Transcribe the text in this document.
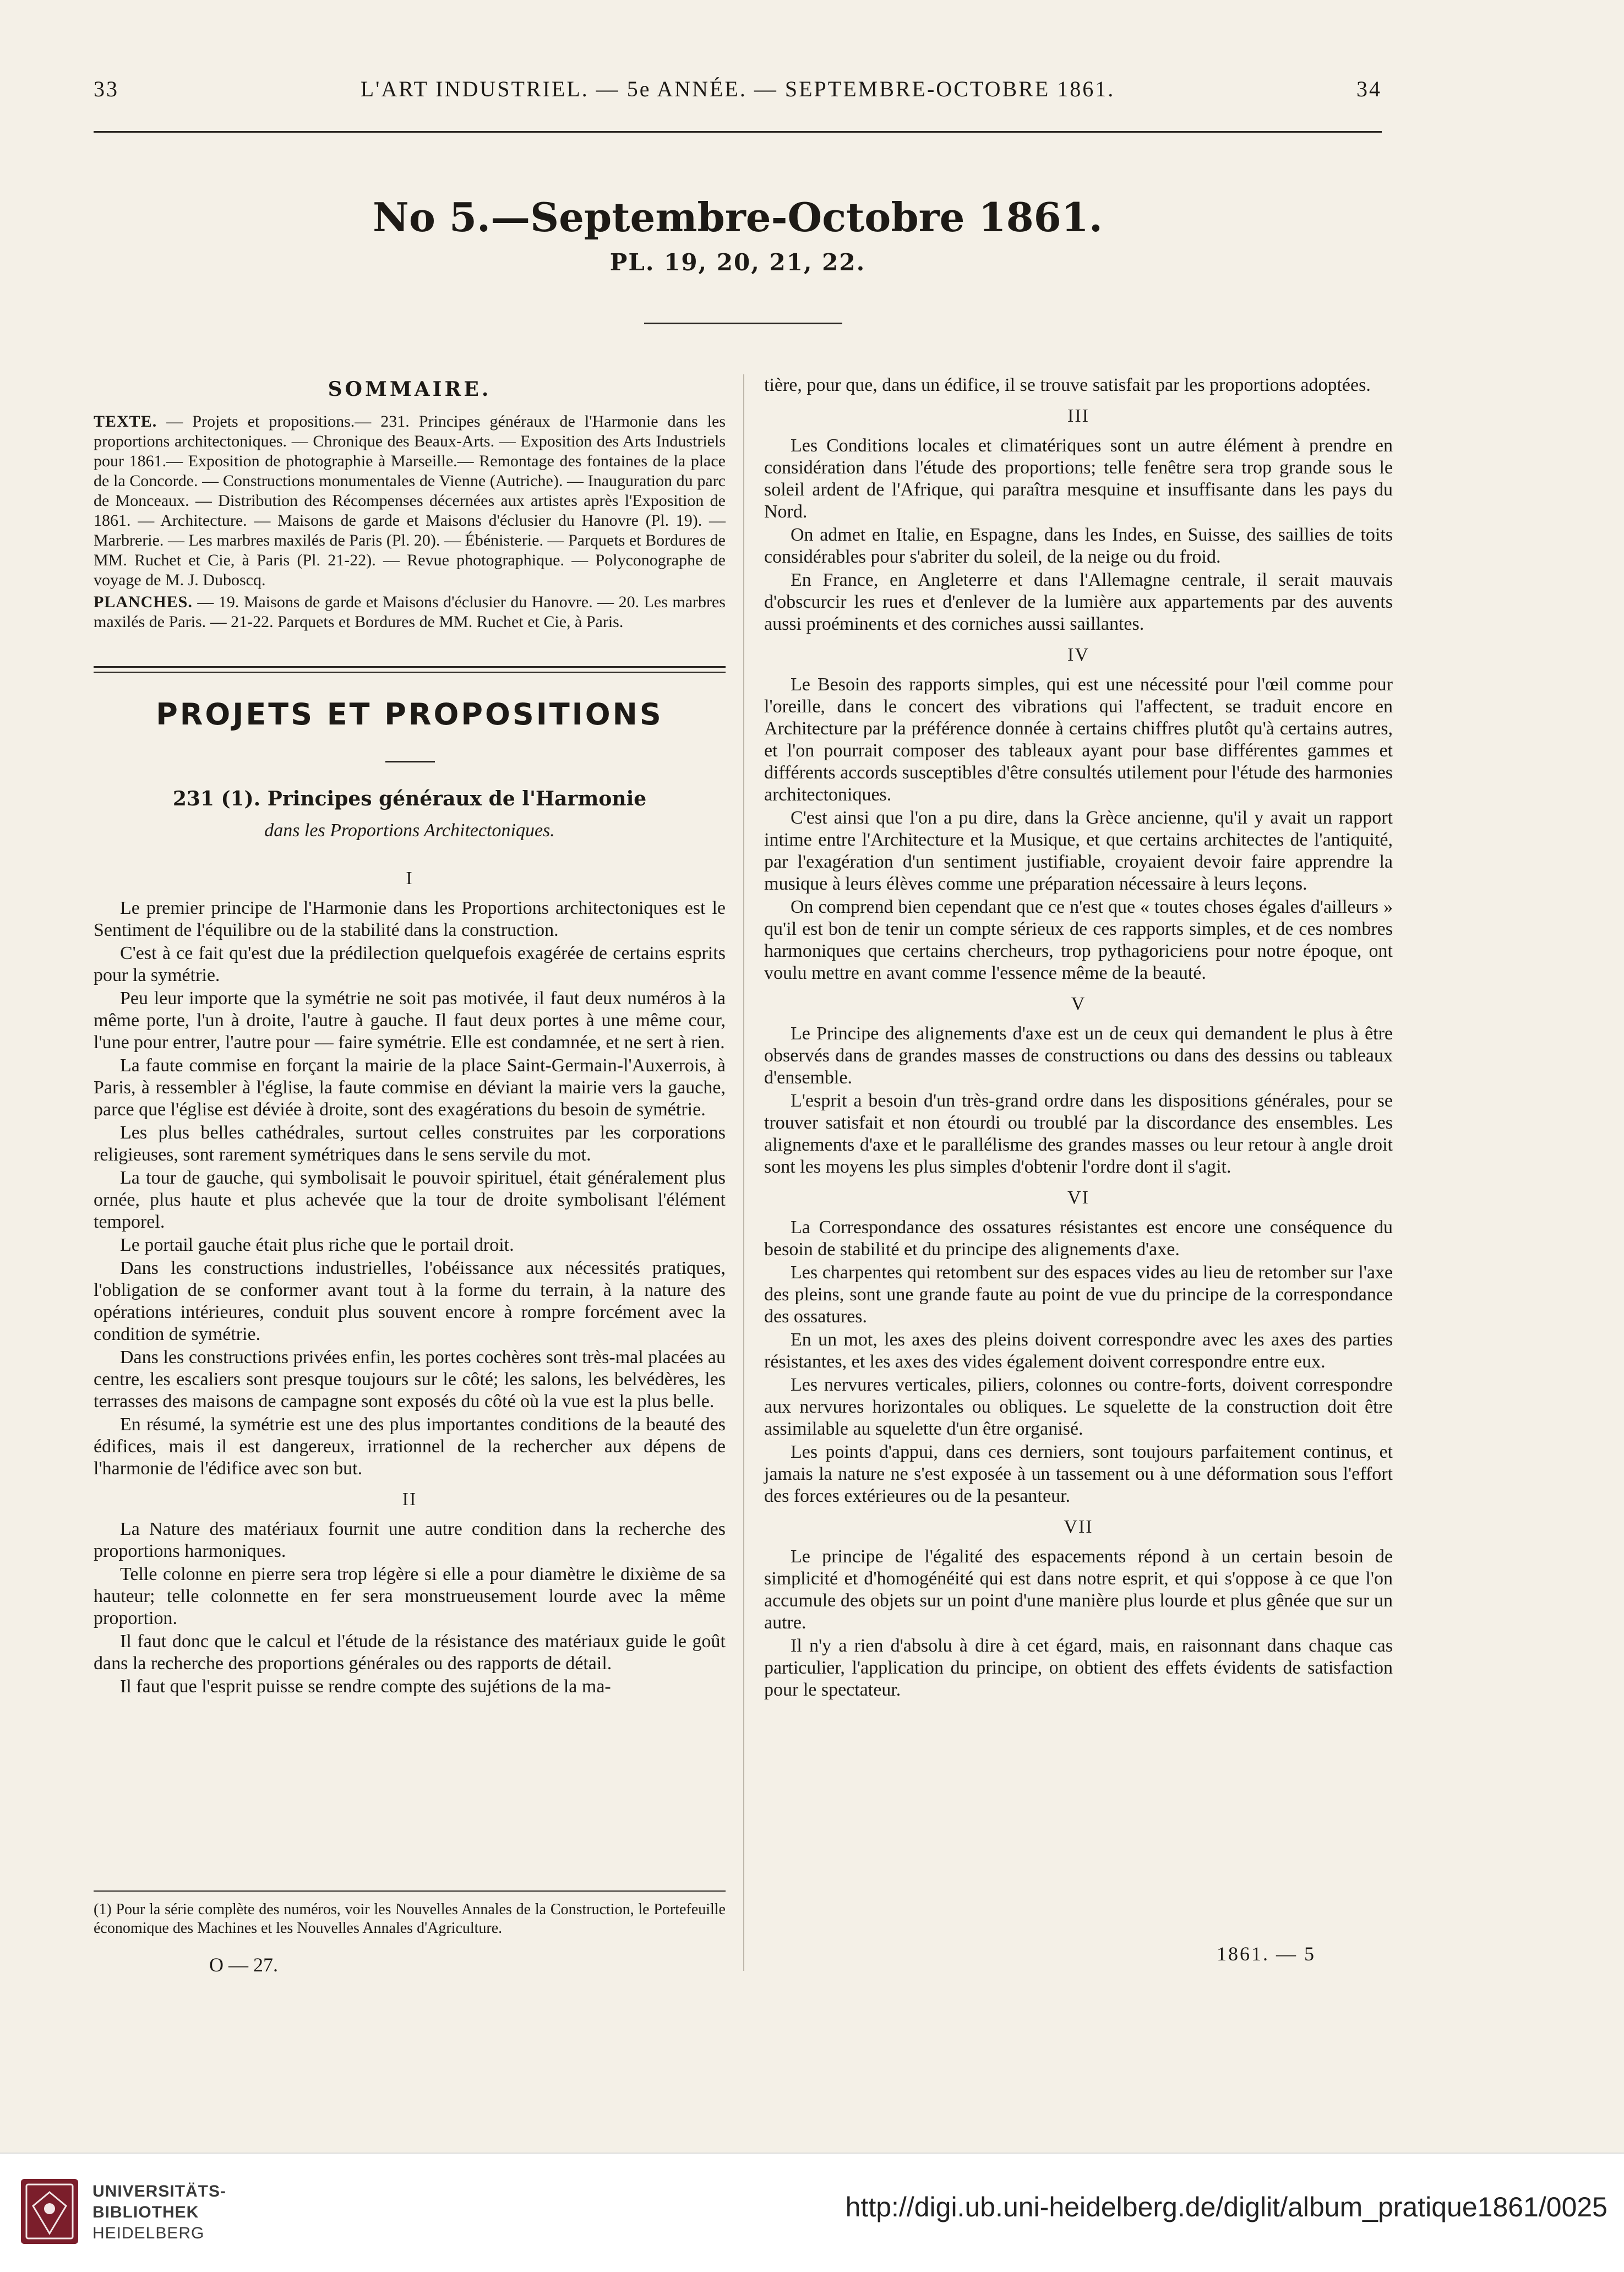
33	L'ART INDUSTRIEL. — 5e ANNÉE. — SEPTEMBRE-OCTOBRE 1861.	34
No 5.—Septembre-Octobre 1861.
PL. 19, 20, 21, 22.
SOMMAIRE.

TEXTE. — Projets et propositions.— 231. Principes généraux de l'Harmonie dans les proportions architectoniques. — Chronique des Beaux-Arts. — Exposition des Arts Industriels pour 1861.— Exposition de photographie à Marseille.— Remontage des fontaines de la place de la Concorde. — Constructions monumentales de Vienne (Autriche). — Inauguration du parc de Monceaux. — Distribution des Récompenses décernées aux artistes après l'Exposition de 1861. — Architecture. — Maisons de garde et Maisons d'éclusier du Hanovre (Pl. 19). — Marbrerie. — Les marbres maxilés de Paris (Pl. 20). — Ébénisterie. — Parquets et Bordures de MM. Ruchet et Cie, à Paris (Pl. 21-22). — Revue photographique. — Polyconographe de voyage de M. J. Duboscq.

PLANCHES. — 19. Maisons de garde et Maisons d'éclusier du Hanovre. — 20. Les marbres maxilés de Paris. — 21-22. Parquets et Bordures de MM. Ruchet et Cie, à Paris.

PROJETS ET PROPOSITIONS
231 (1). Principes généraux de l'Harmonie
dans les Proportions Architectoniques.

I

Le premier principe de l'Harmonie dans les Proportions architectoniques est le Sentiment de l'équilibre ou de la stabilité dans la construction.

C'est à ce fait qu'est due la prédilection quelquefois exagérée de certains esprits pour la symétrie.

Peu leur importe que la symétrie ne soit pas motivée, il faut deux numéros à la même porte, l'un à droite, l'autre à gauche. Il faut deux portes à une même cour, l'une pour entrer, l'autre pour — faire symétrie. Elle est condamnée, et ne sert à rien.

La faute commise en forçant la mairie de la place Saint-Germain-l'Auxerrois, à Paris, à ressembler à l'église, la faute commise en déviant la mairie vers la gauche, parce que l'église est déviée à droite, sont des exagérations du besoin de symétrie.

Les plus belles cathédrales, surtout celles construites par les corporations religieuses, sont rarement symétriques dans le sens servile du mot.

La tour de gauche, qui symbolisait le pouvoir spirituel, était généralement plus ornée, plus haute et plus achevée que la tour de droite symbolisant l'élément temporel.

Le portail gauche était plus riche que le portail droit.

Dans les constructions industrielles, l'obéissance aux nécessités pratiques, l'obligation de se conformer avant tout à la forme du terrain, à la nature des opérations intérieures, conduit plus souvent encore à rompre forcément avec la condition de symétrie.

Dans les constructions privées enfin, les portes cochères sont très-mal placées au centre, les escaliers sont presque toujours sur le côté; les salons, les belvédères, les terrasses des maisons de campagne sont exposés du côté où la vue est la plus belle.

En résumé, la symétrie est une des plus importantes conditions de la beauté des édifices, mais il est dangereux, irrationnel de la rechercher aux dépens de l'harmonie de l'édifice avec son but.

II

La Nature des matériaux fournit une autre condition dans la recherche des proportions harmoniques.

Telle colonne en pierre sera trop légère si elle a pour diamètre le dixième de sa hauteur; telle colonnette en fer sera monstrueusement lourde avec la même proportion.

Il faut donc que le calcul et l'étude de la résistance des matériaux guide le goût dans la recherche des proportions générales ou des rapports de détail.

Il faut que l'esprit puisse se rendre compte des sujétions de la ma-

tière, pour que, dans un édifice, il se trouve satisfait par les proportions adoptées.

III

Les Conditions locales et climatériques sont un autre élément à prendre en considération dans l'étude des proportions; telle fenêtre sera trop grande sous le soleil ardent de l'Afrique, qui paraîtra mesquine et insuffisante dans les pays du Nord.

On admet en Italie, en Espagne, dans les Indes, en Suisse, des saillies de toits considérables pour s'abriter du soleil, de la neige ou du froid.

En France, en Angleterre et dans l'Allemagne centrale, il serait mauvais d'obscurcir les rues et d'enlever de la lumière aux appartements par des auvents aussi proéminents et des corniches aussi saillantes.

IV

Le Besoin des rapports simples, qui est une nécessité pour l'œil comme pour l'oreille, dans le concert des vibrations qui l'affectent, se traduit encore en Architecture par la préférence donnée à certains chiffres plutôt qu'à certains autres, et l'on pourrait composer des tableaux ayant pour base différentes gammes et différents accords susceptibles d'être consultés utilement pour l'étude des harmonies architectoniques.

C'est ainsi que l'on a pu dire, dans la Grèce ancienne, qu'il y avait un rapport intime entre l'Architecture et la Musique, et que certains architectes de l'antiquité, par l'exagération d'un sentiment justifiable, croyaient devoir faire apprendre la musique à leurs élèves comme une préparation nécessaire à leurs leçons.

On comprend bien cependant que ce n'est que « toutes choses égales d'ailleurs » qu'il est bon de tenir un compte sérieux de ces rapports simples, et de ces nombres harmoniques que certains chercheurs, trop pythagoriciens pour notre époque, ont voulu mettre en avant comme l'essence même de la beauté.

V

Le Principe des alignements d'axe est un de ceux qui demandent le plus à être observés dans de grandes masses de constructions ou dans des dessins ou tableaux d'ensemble.

L'esprit a besoin d'un très-grand ordre dans les dispositions générales, pour se trouver satisfait et non étourdi ou troublé par la discordance des ensembles. Les alignements d'axe et le parallélisme des grandes masses ou leur retour à angle droit sont les moyens les plus simples d'obtenir l'ordre dont il s'agit.

VI

La Correspondance des ossatures résistantes est encore une conséquence du besoin de stabilité et du principe des alignements d'axe.

Les charpentes qui retombent sur des espaces vides au lieu de retomber sur l'axe des pleins, sont une grande faute au point de vue du principe de la correspondance des ossatures.

En un mot, les axes des pleins doivent correspondre avec les axes des parties résistantes, et les axes des vides également doivent correspondre entre eux.

Les nervures verticales, piliers, colonnes ou contre-forts, doivent correspondre aux nervures horizontales ou obliques. Le squelette de la construction doit être assimilable au squelette d'un être organisé.

Les points d'appui, dans ces derniers, sont toujours parfaitement continus, et jamais la nature ne s'est exposée à un tassement ou à une déformation sous l'effort des forces extérieures ou de la pesanteur.

VII

Le principe de l'égalité des espacements répond à un certain besoin de simplicité et d'homogénéité qui est dans notre esprit, et qui s'oppose à ce que l'on accumule des objets sur un point d'une manière plus lourde et plus gênée que sur un autre.

Il n'y a rien d'absolu à dire à cet égard, mais, en raisonnant dans chaque cas particulier, l'application du principe, on obtient des effets évidents de satisfaction pour le spectateur.

(1) Pour la série complète des numéros, voir les Nouvelles Annales de la Construction, le Portefeuille économique des Machines et les Nouvelles Annales d'Agriculture.
O — 27.	1861. — 5
UNIVERSITÄTS-
BIBLIOTHEK
HEIDELBERG
http://digi.ub.uni-heidelberg.de/diglit/album_pratique1861/0025
